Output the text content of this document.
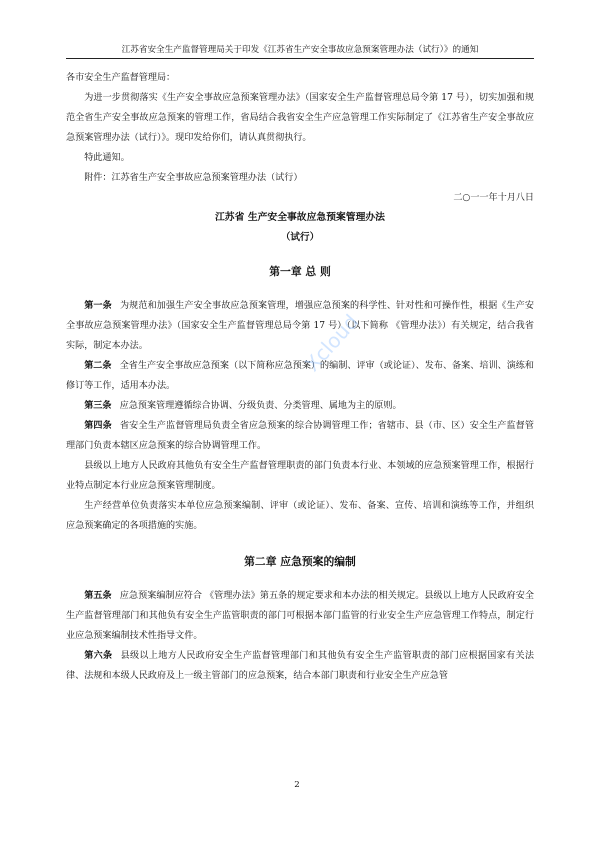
江苏省安全生产监督管理局关于印发《江苏省生产安全事故应急预案管理办法（试行）》的通知

各市安全生产监督管理局：

为进一步贯彻落实《生产安全事故应急预案管理办法》（国家安全生产监督管理总局令第 17 号），切实加强和规范全省生产安全事故应急预案的管理工作，省局结合我省安全生产应急管理工作实际制定了《江苏省生产安全事故应急预案管理办法（试行）》。现印发给你们，请认真贯彻执行。

特此通知。

附件：江苏省生产安全事故应急预案管理办法（试行）

二○一一年十月八日

江苏省 生产安全事故应急预案管理办法

（试行）

第一章 总 则

第一条 为规范和加强生产安全事故应急预案管理，增强应急预案的科学性、针对性和可操作性，根据《生产安全事故应急预案管理办法》（国家安全生产监督管理总局令第 17 号）（以下简称 《管理办法》）有关规定，结合我省实际，制定本办法。

第二条 全省生产安全事故应急预案（以下简称应急预案）的编制、评审（或论证）、发布、备案、培训、演练和修订等工作，适用本办法。

第三条 应急预案管理遵循综合协调、分级负责、分类管理、属地为主的原则。

第四条 省安全生产监督管理局负责全省应急预案的综合协调管理工作；省辖市、县（市、区）安全生产监督管理部门负责本辖区应急预案的综合协调管理工作。

县级以上地方人民政府其他负有安全生产监督管理职责的部门负责本行业、本领域的应急预案管理工作，根据行业特点制定本行业应急预案管理制度。

生产经营单位负责落实本单位应急预案编制、评审（或论证）、发布、备案、宣传、培训和演练等工作，并组织应急预案确定的各项措施的实施。

第二章 应急预案的编制

第五条 应急预案编制应符合 《管理办法》第五条的规定要求和本办法的相关规定。县级以上地方人民政府安全生产监督管理部门和其他负有安全生产监管职责的部门可根据本部门监管的行业安全生产应急管理工作特点，制定行业应急预案编制技术性指导文件。

第六条 县级以上地方人民政府安全生产监督管理部门和其他负有安全生产监管职责的部门应根据国家有关法律、法规和本级人民政府及上一级主管部门的应急预案，结合本部门职责和行业安全生产应急管

Xcloud
2
